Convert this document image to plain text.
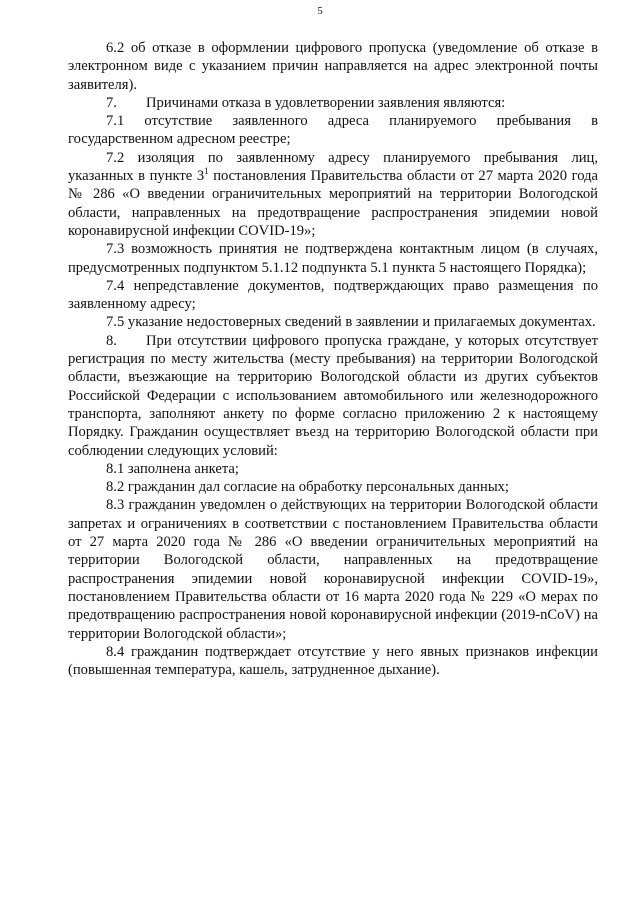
5

6.2 об отказе в оформлении цифрового пропуска (уведомление об отказе в электронном виде с указанием причин направляется на адрес электронной почты заявителя).

7. Причинами отказа в удовлетворении заявления являются:

7.1 отсутствие заявленного адреса планируемого пребывания в государственном адресном реестре;

7.2 изоляция по заявленному адресу планируемого пребывания лиц, указанных в пункте $3^1$ постановления Правительства области от 27 марта 2020 года № 286 «О введении ограничительных мероприятий на территории Вологодской области, направленных на предотвращение распространения эпидемии новой коронавирусной инфекции COVID-19»;

7.3 возможность принятия не подтверждена контактным лицом (в случаях, предусмотренных подпунктом 5.1.12 подпункта 5.1 пункта 5 настоящего Порядка);

7.4 непредставление документов, подтверждающих право размещения по заявленному адресу;

7.5 указание недостоверных сведений в заявлении и прилагаемых документах.

8. При отсутствии цифрового пропуска граждане, у которых отсутствует регистрация по месту жительства (месту пребывания) на территории Вологодской области, въезжающие на территорию Вологодской области из других субъектов Российской Федерации с использованием автомобильного или железнодорожного транспорта, заполняют анкету по форме согласно приложению 2 к настоящему Порядку. Гражданин осуществляет въезд на территорию Вологодской области при соблюдении следующих условий:

8.1 заполнена анкета;

8.2 гражданин дал согласие на обработку персональных данных;

8.3 гражданин уведомлен о действующих на территории Вологодской области запретах и ограничениях в соответствии с постановлением Правительства области от 27 марта 2020 года № 286 «О введении ограничительных мероприятий на территории Вологодской области, направленных на предотвращение распространения эпидемии новой коронавирусной инфекции COVID-19», постановлением Правительства области от 16 марта 2020 года № 229 «О мерах по предотвращению распространения новой коронавирусной инфекции (2019-nCoV) на территории Вологодской области»;

8.4 гражданин подтверждает отсутствие у него явных признаков инфекции (повышенная температура, кашель, затрудненное дыхание).
